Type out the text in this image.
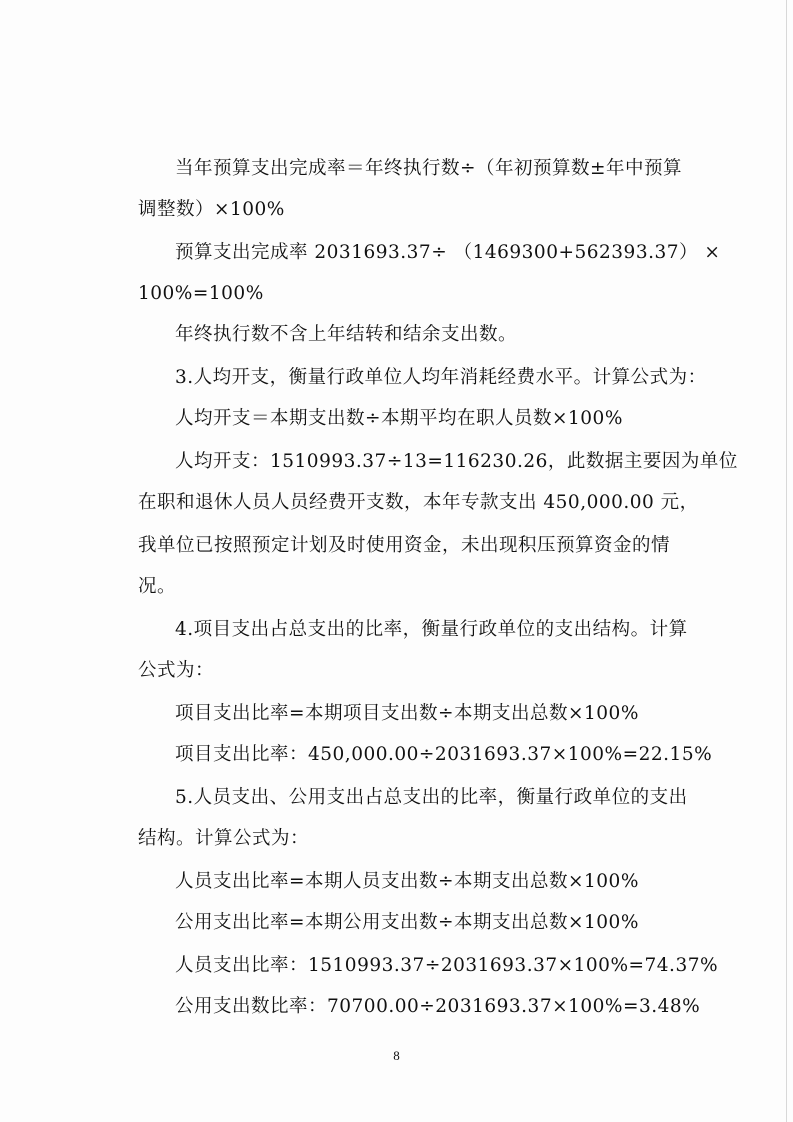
当年预算支出完成率＝年终执行数÷（年初预算数±年中预算
调整数）×100%
预算支出完成率 2031693.37÷ （1469300+562393.37） ×
100%=100%
年终执行数不含上年结转和结余支出数。
3.人均开支，衡量行政单位人均年消耗经费水平。计算公式为：
人均开支＝本期支出数÷本期平均在职人员数×100%
人均开支：1510993.37÷13=116230.26，此数据主要因为单位
在职和退休人员人员经费开支数，本年专款支出 450,000.00 元，
我单位已按照预定计划及时使用资金，未出现积压预算资金的情
况。
4.项目支出占总支出的比率，衡量行政单位的支出结构。计算
公式为：
项目支出比率=本期项目支出数÷本期支出总数×100%
项目支出比率：450,000.00÷2031693.37×100%=22.15%
5.人员支出、公用支出占总支出的比率，衡量行政单位的支出
结构。计算公式为：
人员支出比率=本期人员支出数÷本期支出总数×100%
公用支出比率=本期公用支出数÷本期支出总数×100%
人员支出比率：1510993.37÷2031693.37×100%=74.37%
公用支出数比率：70700.00÷2031693.37×100%=3.48%
8
